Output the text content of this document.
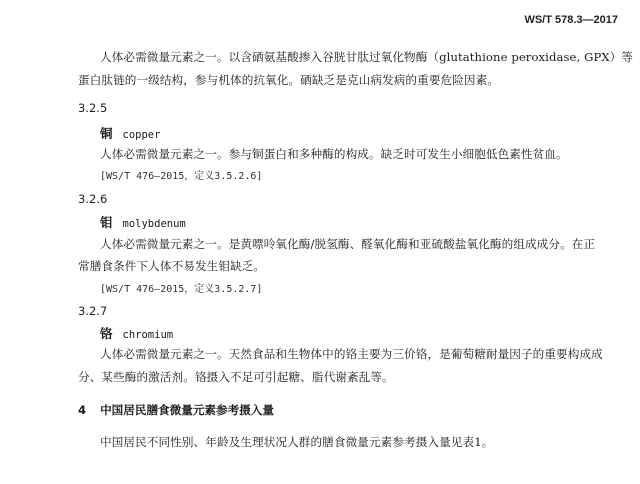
WS/T 578.3—2017
人体必需微量元素之一。以含硒氨基酸掺入谷胱甘肽过氧化物酶（glutathione peroxidase, GPX）等
蛋白肽链的一级结构，参与机体的抗氧化。硒缺乏是克山病发病的重要危险因素。
3.2.5
铜 copper
人体必需微量元素之一。参与铜蛋白和多种酶的构成。缺乏时可发生小细胞低色素性贫血。
[WS/T 476—2015，定义3.5.2.6]
3.2.6
钼 molybdenum
人体必需微量元素之一。是黄嘌呤氧化酶/脱氢酶、醛氧化酶和亚硫酸盐氧化酶的组成成分。在正
常膳食条件下人体不易发生钼缺乏。
[WS/T 476—2015，定义3.5.2.7]
3.2.7
铬 chromium
人体必需微量元素之一。天然食品和生物体中的铬主要为三价铬，是葡萄糖耐量因子的重要构成成
分、某些酶的激活剂。铬摄入不足可引起糖、脂代谢紊乱等。
4 中国居民膳食微量元素参考摄入量
中国居民不同性别、年龄及生理状况人群的膳食微量元素参考摄入量见表1。
